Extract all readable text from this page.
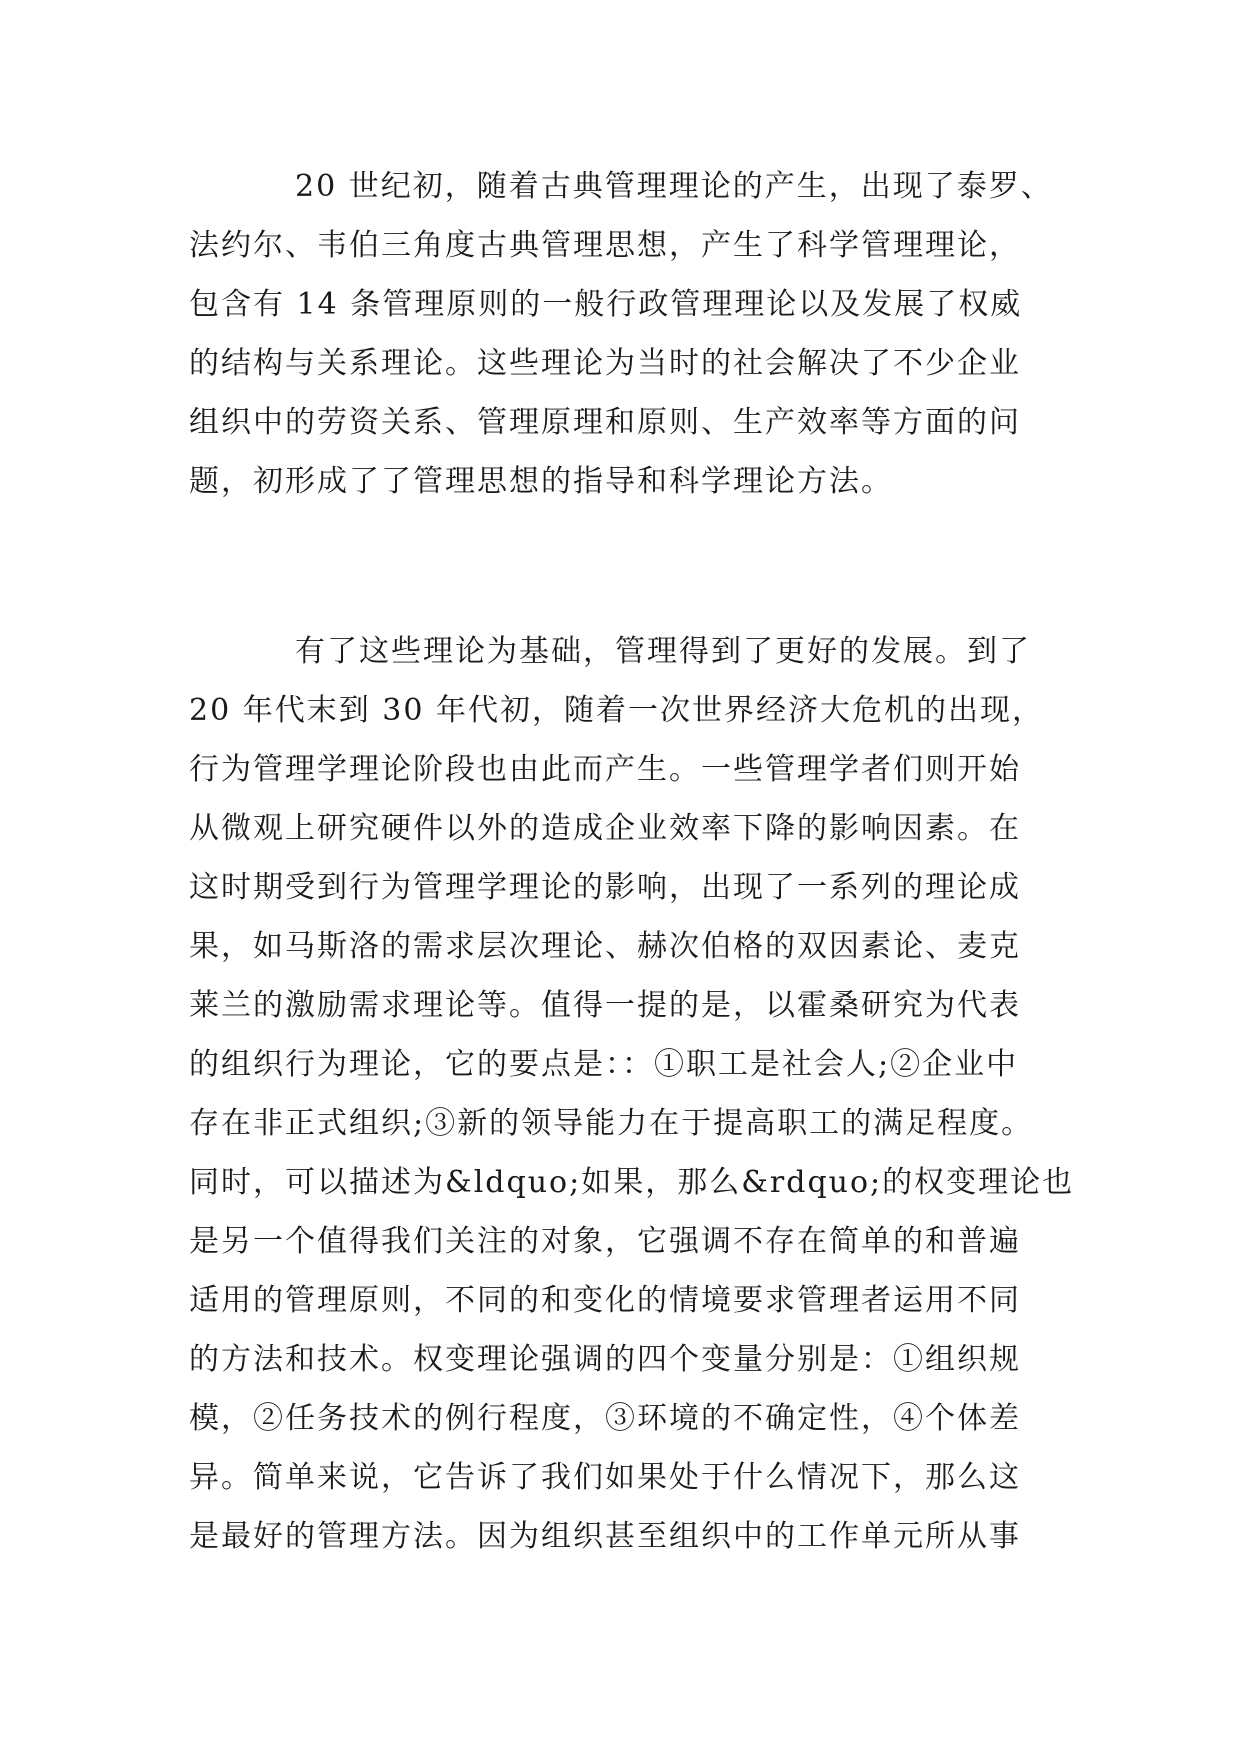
20 世纪初，随着古典管理理论的产生，出现了泰罗、
法约尔、韦伯三角度古典管理思想，产生了科学管理理论，
包含有 14 条管理原则的一般行政管理理论以及发展了权威
的结构与关系理论。这些理论为当时的社会解决了不少企业
组织中的劳资关系、管理原理和原则、生产效率等方面的问
题，初形成了了管理思想的指导和科学理论方法。
有了这些理论为基础，管理得到了更好的发展。到了
20 年代末到 30 年代初，随着一次世界经济大危机的出现，
行为管理学理论阶段也由此而产生。一些管理学者们则开始
从微观上研究硬件以外的造成企业效率下降的影响因素。在
这时期受到行为管理学理论的影响，出现了一系列的理论成
果，如马斯洛的需求层次理论、赫次伯格的双因素论、麦克
莱兰的激励需求理论等。值得一提的是，以霍桑研究为代表
的组织行为理论，它的要点是：：①职工是社会人;②企业中
存在非正式组织;③新的领导能力在于提高职工的满足程度。
同时，可以描述为&ldquo;如果，那么&rdquo;的权变理论也
是另一个值得我们关注的对象，它强调不存在简单的和普遍
适用的管理原则，不同的和变化的情境要求管理者运用不同
的方法和技术。权变理论强调的四个变量分别是：①组织规
模，②任务技术的例行程度，③环境的不确定性，④个体差
异。简单来说，它告诉了我们如果处于什么情况下，那么这
是最好的管理方法。因为组织甚至组织中的工作单元所从事
